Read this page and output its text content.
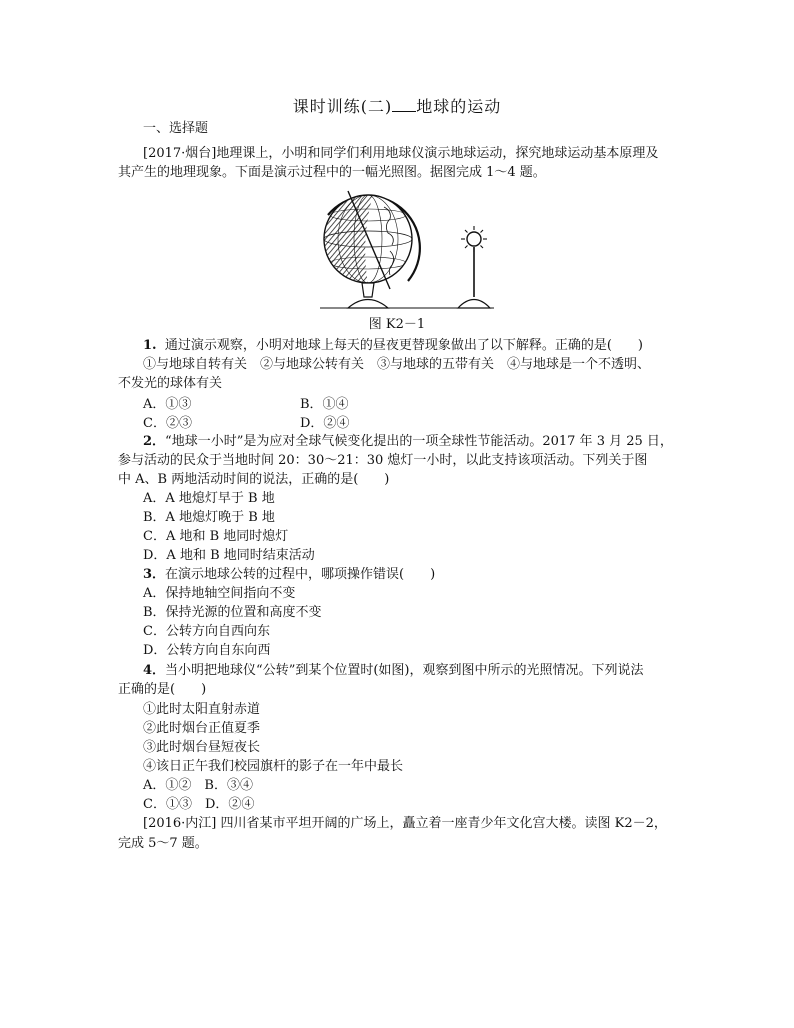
课时训练(二) 地球的运动
一、选择题
[2017·烟台]地理课上，小明和同学们利用地球仪演示地球运动，探究地球运动基本原理及
其产生的地理现象。下面是演示过程中的一幅光照图。据图完成 1～4 题。
图 K2－1
1. 通过演示观察，小明对地球上每天的昼夜更替现象做出了以下解释。正确的是(　　)
①与地球自转有关　②与地球公转有关　③与地球的五带有关　④与地球是一个不透明、
不发光的球体有关
A．①③	B．①④
C．②③	D．②④
2．“地球一小时”是为应对全球气候变化提出的一项全球性节能活动。2017 年 3 月 25 日，
参与活动的民众于当地时间 20：30～21：30 熄灯一小时，以此支持该项活动。下列关于图
中 A、B 两地活动时间的说法，正确的是(　　)
A．A 地熄灯早于 B 地
B．A 地熄灯晚于 B 地
C．A 地和 B 地同时熄灯
D．A 地和 B 地同时结束活动
3．在演示地球公转的过程中，哪项操作错误(　　)
A．保持地轴空间指向不变
B．保持光源的位置和高度不变
C．公转方向自西向东
D．公转方向自东向西
4．当小明把地球仪“公转”到某个位置时(如图)，观察到图中所示的光照情况。下列说法
正确的是(　　)
①此时太阳直射赤道
②此时烟台正值夏季
③此时烟台昼短夜长
④该日正午我们校园旗杆的影子在一年中最长
A．①②　B．③④
C．①③　D．②④
[2016·内江] 四川省某市平坦开阔的广场上，矗立着一座青少年文化宫大楼。读图 K2－2，
完成 5～7 题。
